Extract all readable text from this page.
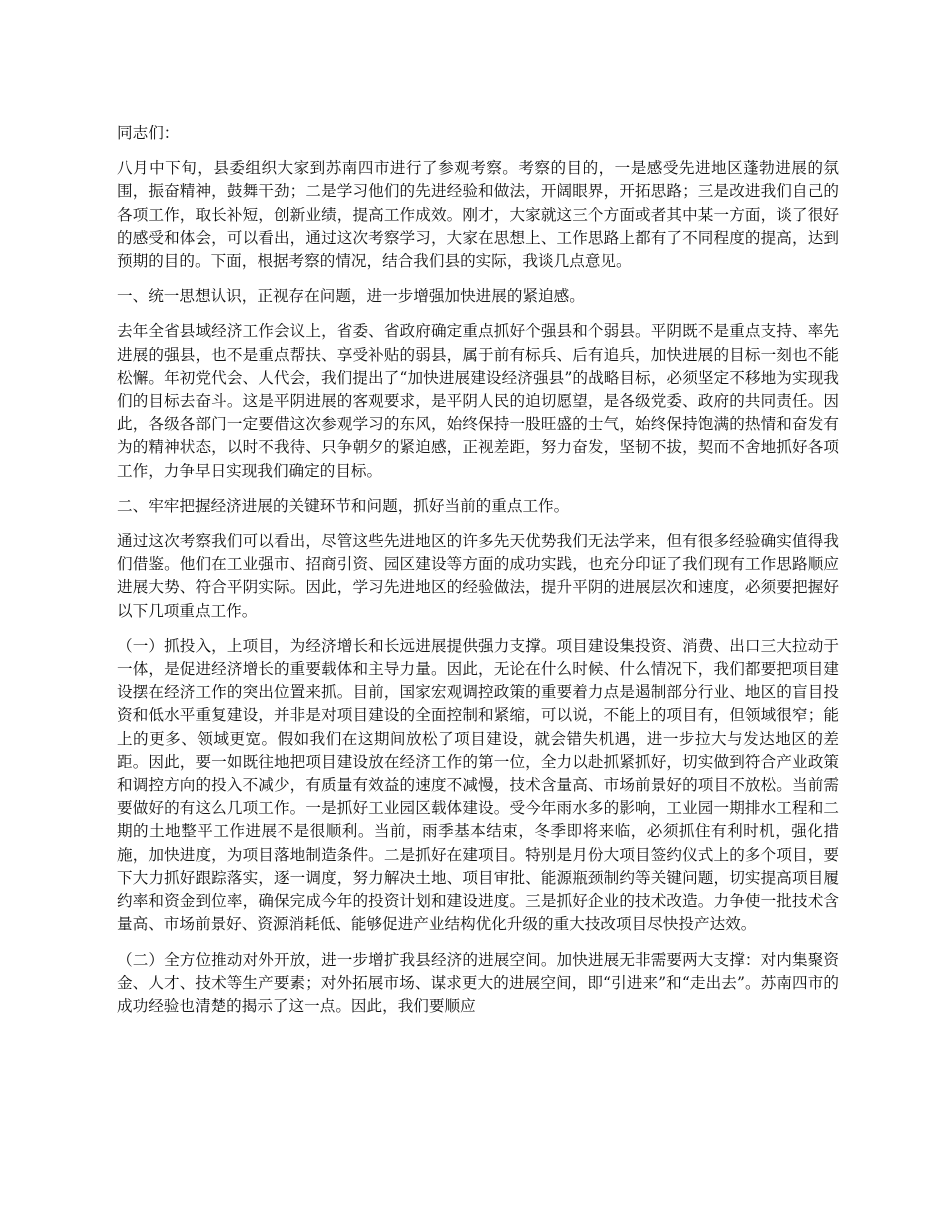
同志们：

八月中下旬，县委组织大家到苏南四市进行了参观考察。考察的目的，一是感受先进地区蓬勃进展的氛围，振奋精神，鼓舞干劲；二是学习他们的先进经验和做法，开阔眼界，开拓思路；三是改进我们自己的各项工作，取长补短，创新业绩，提高工作成效。刚才，大家就这三个方面或者其中某一方面，谈了很好的感受和体会，可以看出，通过这次考察学习，大家在思想上、工作思路上都有了不同程度的提高，达到预期的目的。下面，根据考察的情况，结合我们县的实际，我谈几点意见。

一、统一思想认识，正视存在问题，进一步增强加快进展的紧迫感。

去年全省县域经济工作会议上，省委、省政府确定重点抓好个强县和个弱县。平阴既不是重点支持、率先进展的强县，也不是重点帮扶、享受补贴的弱县，属于前有标兵、后有追兵，加快进展的目标一刻也不能松懈。年初党代会、人代会，我们提出了“加快进展建设经济强县”的战略目标，必须坚定不移地为实现我们的目标去奋斗。这是平阴进展的客观要求，是平阴人民的迫切愿望，是各级党委、政府的共同责任。因此，各级各部门一定要借这次参观学习的东风，始终保持一股旺盛的士气，始终保持饱满的热情和奋发有为的精神状态，以时不我待、只争朝夕的紧迫感，正视差距，努力奋发，坚韧不拔，契而不舍地抓好各项工作，力争早日实现我们确定的目标。

二、牢牢把握经济进展的关键环节和问题，抓好当前的重点工作。

通过这次考察我们可以看出，尽管这些先进地区的许多先天优势我们无法学来，但有很多经验确实值得我们借鉴。他们在工业强市、招商引资、园区建设等方面的成功实践，也充分印证了我们现有工作思路顺应进展大势、符合平阴实际。因此，学习先进地区的经验做法，提升平阴的进展层次和速度，必须要把握好以下几项重点工作。

（一）抓投入，上项目，为经济增长和长远进展提供强力支撑。项目建设集投资、消费、出口三大拉动于一体，是促进经济增长的重要载体和主导力量。因此，无论在什么时候、什么情况下，我们都要把项目建设摆在经济工作的突出位置来抓。目前，国家宏观调控政策的重要着力点是遏制部分行业、地区的盲目投资和低水平重复建设，并非是对项目建设的全面控制和紧缩，可以说，不能上的项目有，但领域很窄；能上的更多、领域更宽。假如我们在这期间放松了项目建设，就会错失机遇，进一步拉大与发达地区的差距。因此，要一如既往地把项目建设放在经济工作的第一位，全力以赴抓紧抓好，切实做到符合产业政策和调控方向的投入不减少，有质量有效益的速度不减慢，技术含量高、市场前景好的项目不放松。当前需要做好的有这么几项工作。一是抓好工业园区载体建设。受今年雨水多的影响，工业园一期排水工程和二期的土地整平工作进展不是很顺利。当前，雨季基本结束，冬季即将来临，必须抓住有利时机，强化措施，加快进度，为项目落地制造条件。二是抓好在建项目。特别是月份大项目签约仪式上的多个项目，要下大力抓好跟踪落实，逐一调度，努力解决土地、项目审批、能源瓶颈制约等关键问题，切实提高项目履约率和资金到位率，确保完成今年的投资计划和建设进度。三是抓好企业的技术改造。力争使一批技术含量高、市场前景好、资源消耗低、能够促进产业结构优化升级的重大技改项目尽快投产达效。

（二）全方位推动对外开放，进一步增扩我县经济的进展空间。加快进展无非需要两大支撑：对内集聚资金、人才、技术等生产要素；对外拓展市场、谋求更大的进展空间，即“引进来”和“走出去”。苏南四市的成功经验也清楚的揭示了这一点。因此，我们要顺应
